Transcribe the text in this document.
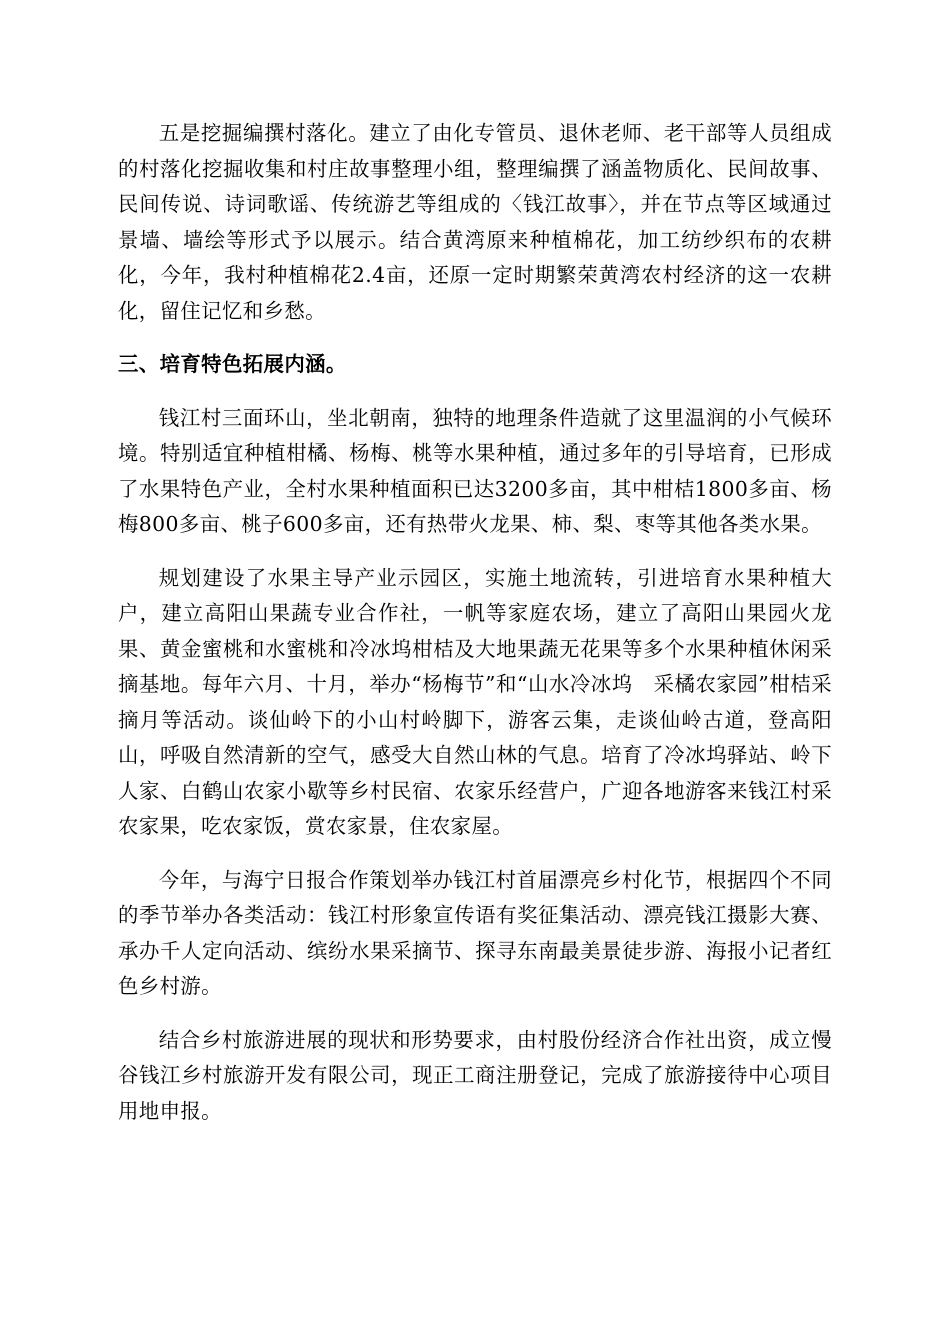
五是挖掘编撰村落化。建立了由化专管员、退休老师、老干部等人员组成的村落化挖掘收集和村庄故事整理小组，整理编撰了涵盖物质化、民间故事、民间传说、诗词歌谣、传统游艺等组成的〈钱江故事〉，并在节点等区域通过景墙、墙绘等形式予以展示。结合黄湾原来种植棉花，加工纺纱织布的农耕化，今年，我村种植棉花2.4亩，还原一定时期繁荣黄湾农村经济的这一农耕化，留住记忆和乡愁。

三、培育特色拓展内涵。

钱江村三面环山，坐北朝南，独特的地理条件造就了这里温润的小气候环境。特别适宜种植柑橘、杨梅、桃等水果种植，通过多年的引导培育，已形成了水果特色产业，全村水果种植面积已达3200多亩，其中柑桔1800多亩、杨梅800多亩、桃子600多亩，还有热带火龙果、柿、梨、枣等其他各类水果。

规划建设了水果主导产业示园区，实施土地流转，引进培育水果种植大户，建立高阳山果蔬专业合作社，一帆等家庭农场，建立了高阳山果园火龙果、黄金蜜桃和水蜜桃和冷冰坞柑桔及大地果蔬无花果等多个水果种植休闲采摘基地。每年六月、十月，举办“杨梅节”和“山水冷冰坞　采橘农家园”柑桔采摘月等活动。谈仙岭下的小山村岭脚下，游客云集，走谈仙岭古道，登高阳山，呼吸自然清新的空气，感受大自然山林的气息。培育了冷冰坞驿站、岭下人家、白鹤山农家小歇等乡村民宿、农家乐经营户，广迎各地游客来钱江村采农家果，吃农家饭，赏农家景，住农家屋。

今年，与海宁日报合作策划举办钱江村首届漂亮乡村化节，根据四个不同的季节举办各类活动：钱江村形象宣传语有奖征集活动、漂亮钱江摄影大赛、承办千人定向活动、缤纷水果采摘节、探寻东南最美景徒步游、海报小记者红色乡村游。

结合乡村旅游进展的现状和形势要求，由村股份经济合作社出资，成立慢谷钱江乡村旅游开发有限公司，现正工商注册登记，完成了旅游接待中心项目用地申报。
